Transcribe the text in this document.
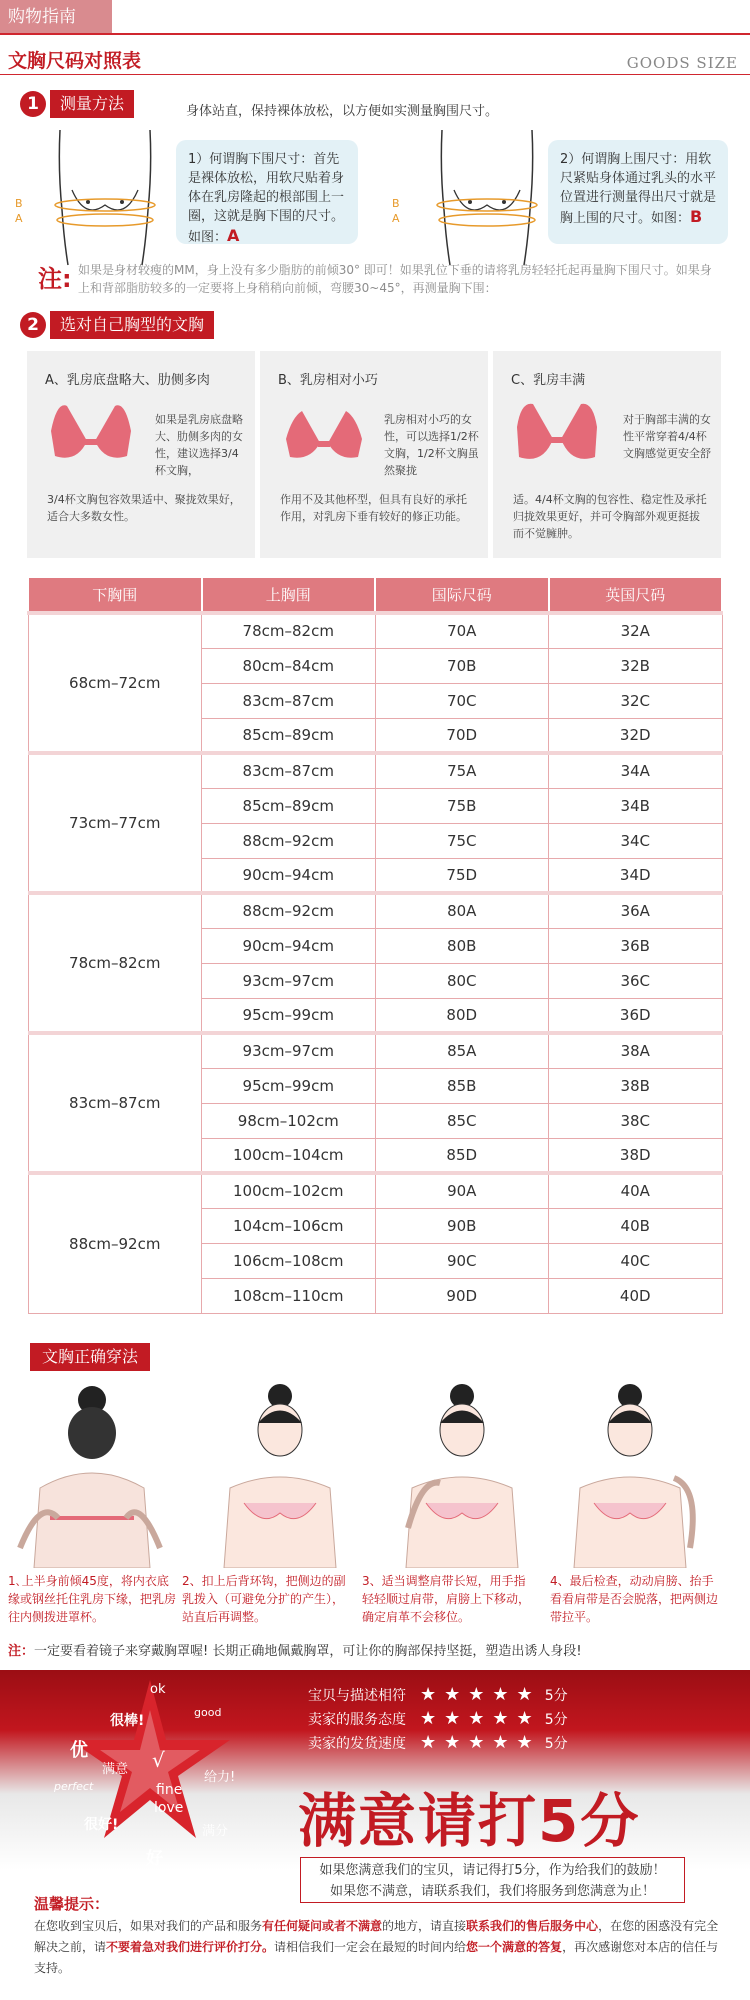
购物指南
文胸尺码对照表	GOODS SIZE
1	测量方法	身体站直，保持裸体放松，以方便如实测量胸围尺寸。
B
A
1）何谓胸下围尺寸：首先是裸体放松，用软尺贴着身体在乳房隆起的根部围上一圈，这就是胸下围的尺寸。如图：A
B
A
2）何谓胸上围尺寸：用软尺紧贴身体通过乳头的水平位置进行测量得出尺寸就是胸上围的尺寸。如图：B
注: 如果是身材较瘦的MM，身上没有多少脂肪的前倾30° 即可！如果乳位下垂的请将乳房轻轻托起再量胸下围尺寸。如果身上和背部脂肪较多的一定要将上身稍稍向前倾，弯腰30~45°，再测量胸下围：
2	选对自己胸型的文胸
A、乳房底盘略大、肋侧多肉
如果是乳房底盘略大、肋侧多肉的女性，建议选择3/4杯文胸，
3/4杯文胸包容效果适中、聚拢效果好，适合大多数女性。
B、乳房相对小巧
乳房相对小巧的女性，可以选择1/2杯文胸，1/2杯文胸虽然聚拢
作用不及其他杯型，但具有良好的承托作用，对乳房下垂有较好的修正功能。
C、乳房丰满
对于胸部丰满的女性平常穿着4/4杯文胸感觉更安全舒
适。4/4杯文胸的包容性、稳定性及承托归拢效果更好，并可令胸部外观更挺拔而不觉臃肿。
下胸围	上胸围	国际尺码	英国尺码
68cm–72cm	78cm–82cm	70A	32A
	80cm–84cm	70B	32B
	83cm–87cm	70C	32C
	85cm–89cm	70D	32D
73cm–77cm	83cm–87cm	75A	34A
	85cm–89cm	75B	34B
	88cm–92cm	75C	34C
	90cm–94cm	75D	34D
78cm–82cm	88cm–92cm	80A	36A
	90cm–94cm	80B	36B
	93cm–97cm	80C	36C
	95cm–99cm	80D	36D
83cm–87cm	93cm–97cm	85A	38A
	95cm–99cm	85B	38B
	98cm–102cm	85C	38C
	100cm–104cm	85D	38D
88cm–92cm	100cm–102cm	90A	40A
	104cm–106cm	90B	40B
	106cm–108cm	90C	40C
	108cm–110cm	90D	40D
文胸正确穿法
1､上半身前倾45度，将内衣底缘或钢丝托住乳房下缘，把乳房往内侧拨进罩杯。
2、扣上后背环钩，把侧边的副乳拨入（可避免分扩的产生），站直后再调整。
3、适当调整肩带长短，用手指轻轻顺过肩带，肩膀上下移动，确定肩革不会移位。
4、最后检查，动动肩膀、抬手看看肩带是否会脱落，把两侧边带拉平。
注：一定要看着镜子来穿戴胸罩喔! 长期正确地佩戴胸罩，可让你的胸部保持坚挺，塑造出诱人身段!
ok
很棒!
good
优
满意 √
给力!
perfect	fine
love
很好!	满分
好
宝贝与描述相符 ★★★★★ 5分
卖家的服务态度 ★★★★★ 5分
卖家的发货速度 ★★★★★ 5分
满意请打5分
如果您满意我们的宝贝，请记得打5分，作为给我们的鼓励！
如果您不满意，请联系我们，我们将服务到您满意为止！
温馨提示：
在您收到宝贝后，如果对我们的产品和服务有任何疑问或者不满意的地方，请直接联系我们的售后服务中心，在您的困惑没有完全解决之前，请不要着急对我们进行评价打分。请相信我们一定会在最短的时间内给您一个满意的答复，再次感谢您对本店的信任与支持。
